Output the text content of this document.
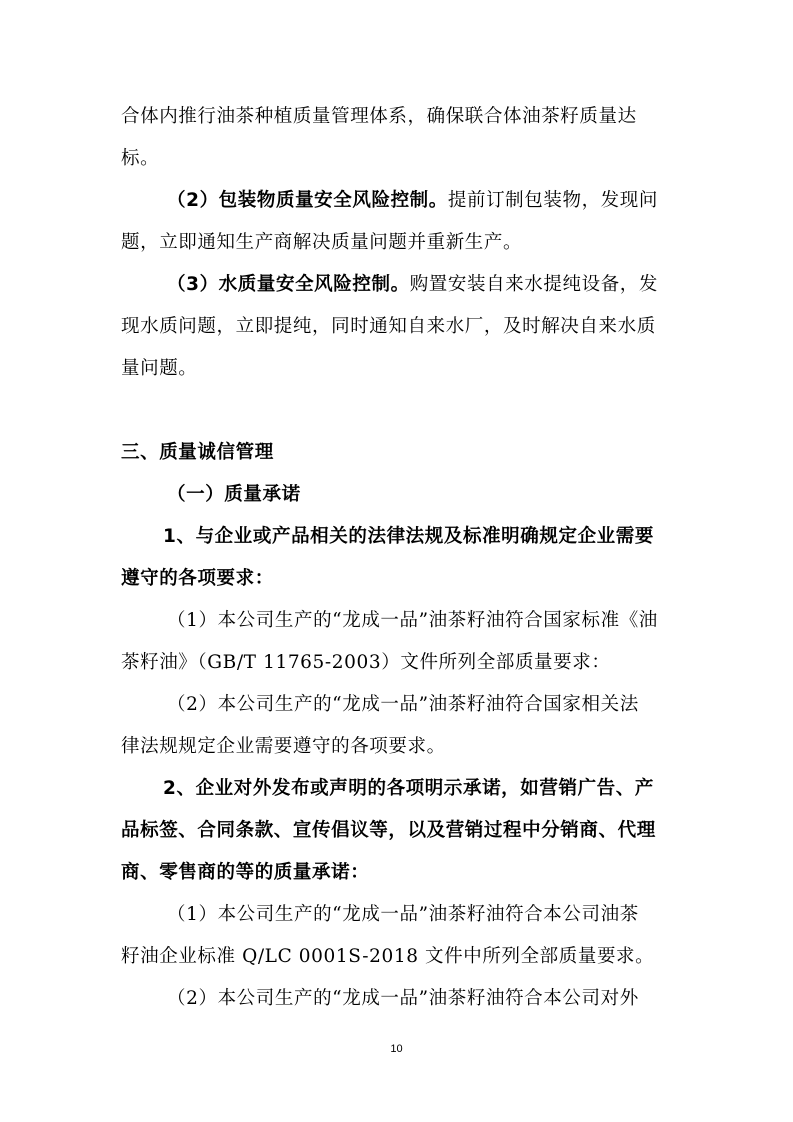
合体内推行油茶种植质量管理体系，确保联合体油茶籽质量达
标。
（2）包装物质量安全风险控制。提前订制包装物，发现问
题，立即通知生产商解决质量问题并重新生产。
（3）水质量安全风险控制。购置安装自来水提纯设备，发
现水质问题，立即提纯，同时通知自来水厂，及时解决自来水质
量问题。
三、质量诚信管理
（一）质量承诺
1、与企业或产品相关的法律法规及标准明确规定企业需要
遵守的各项要求：
（1）本公司生产的“龙成一品”油茶籽油符合国家标准《油
茶籽油》（GB/T 11765-2003）文件所列全部质量要求：
（2）本公司生产的“龙成一品”油茶籽油符合国家相关法
律法规规定企业需要遵守的各项要求。
2、企业对外发布或声明的各项明示承诺，如营销广告、产
品标签、合同条款、宣传倡议等，以及营销过程中分销商、代理
商、零售商的等的质量承诺：
（1）本公司生产的“龙成一品”油茶籽油符合本公司油茶
籽油企业标准 Q/LC 0001S-2018 文件中所列全部质量要求。
（2）本公司生产的“龙成一品”油茶籽油符合本公司对外
10
